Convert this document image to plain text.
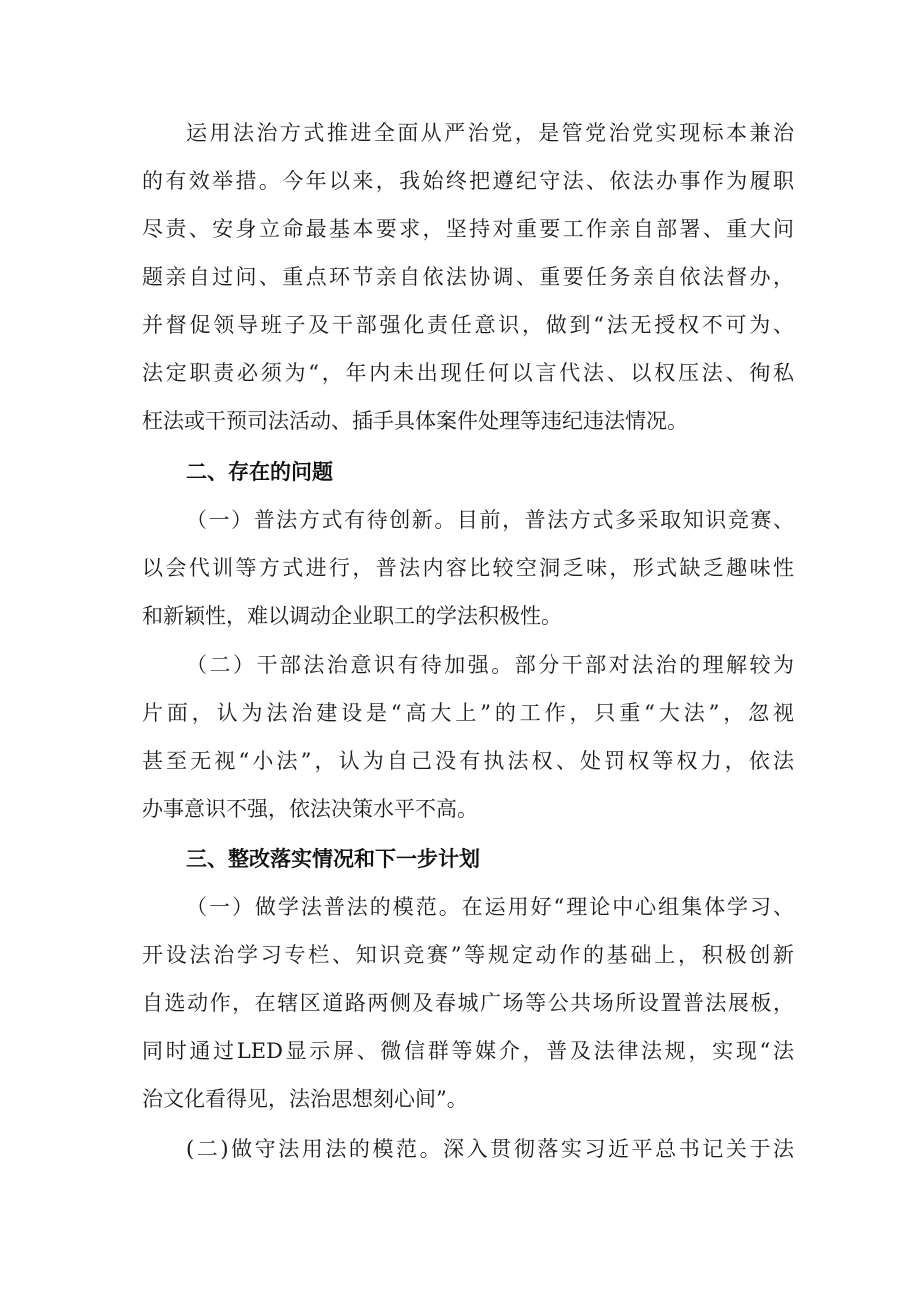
运用法治方式推进全面从严治党，是管党治党实现标本兼治
的有效举措。今年以来，我始终把遵纪守法、依法办事作为履职
尽责、安身立命最基本要求，坚持对重要工作亲自部署、重大问
题亲自过问、重点环节亲自依法协调、重要任务亲自依法督办，
并督促领导班子及干部强化责任意识，做到“法无授权不可为、
法定职责必须为“，年内未出现任何以言代法、以权压法、徇私
枉法或干预司法活动、插手具体案件处理等违纪违法情况。
二、存在的问题
（一）普法方式有待创新。目前，普法方式多采取知识竞赛、
以会代训等方式进行，普法内容比较空洞乏味，形式缺乏趣味性
和新颖性，难以调动企业职工的学法积极性。
（二）干部法治意识有待加强。部分干部对法治的理解较为
片面，认为法治建设是“高大上”的工作，只重“大法”，忽视
甚至无视“小法”，认为自己没有执法权、处罚权等权力，依法
办事意识不强，依法决策水平不高。
三、整改落实情况和下一步计划
（一）做学法普法的模范。在运用好“理论中心组集体学习、
开设法治学习专栏、知识竞赛”等规定动作的基础上，积极创新
自选动作，在辖区道路两侧及春城广场等公共场所设置普法展板，
同时通过LED显示屏、微信群等媒介，普及法律法规，实现“法
治文化看得见，法治思想刻心间”。
(二)做守法用法的模范。深入贯彻落实习近平总书记关于法
